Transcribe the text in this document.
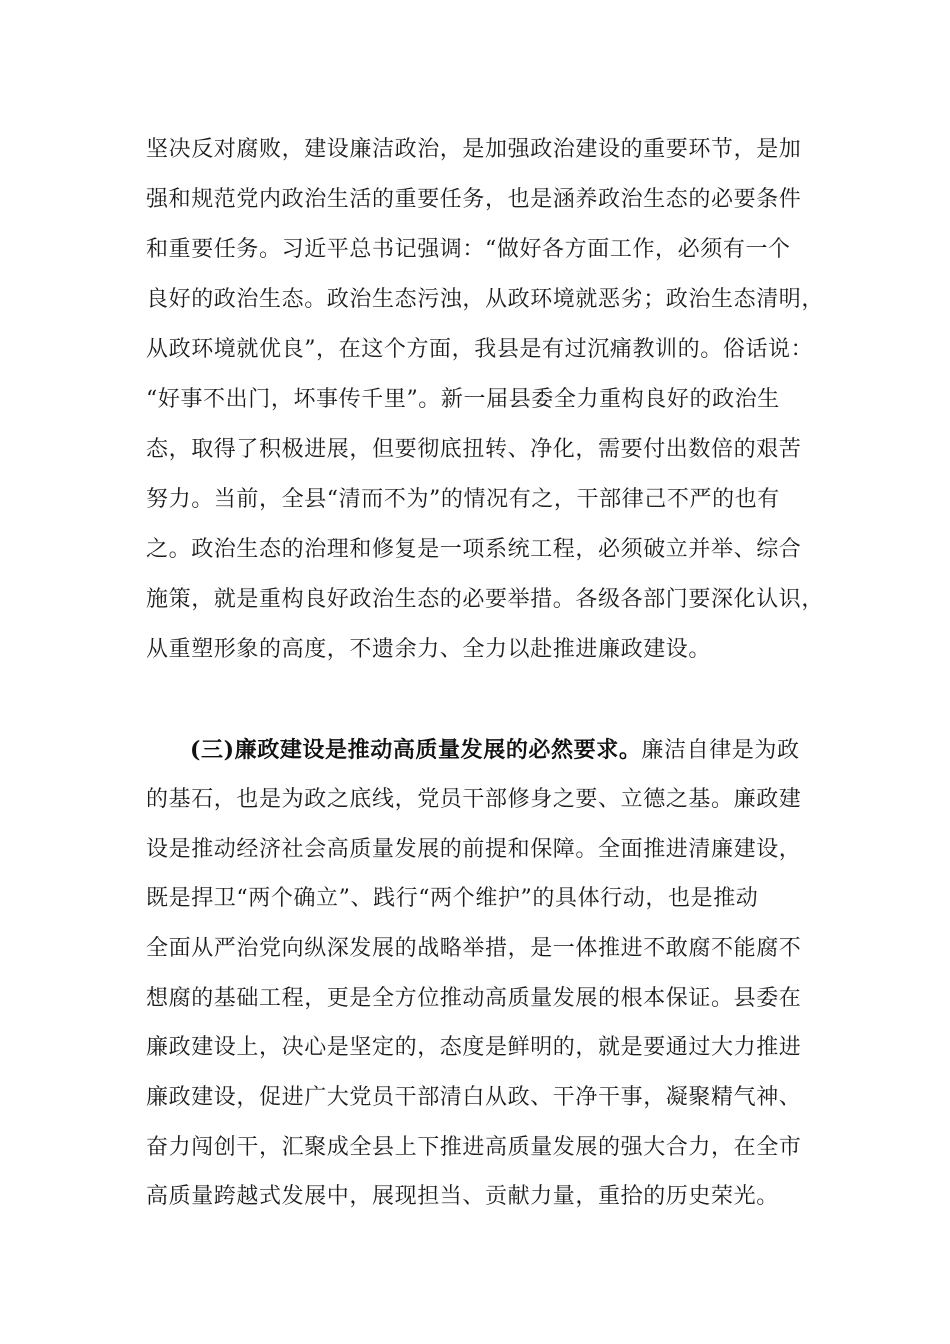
坚决反对腐败，建设廉洁政治，是加强政治建设的重要环节，是加
强和规范党内政治生活的重要任务，也是涵养政治生态的必要条件
和重要任务。习近平总书记强调：“做好各方面工作，必须有一个
良好的政治生态。政治生态污浊，从政环境就恶劣；政治生态清明，
从政环境就优良”，在这个方面，我县是有过沉痛教训的。俗话说：
“好事不出门，坏事传千里”。新一届县委全力重构良好的政治生
态，取得了积极进展，但要彻底扭转、净化，需要付出数倍的艰苦
努力。当前，全县“清而不为”的情况有之，干部律己不严的也有
之。政治生态的治理和修复是一项系统工程，必须破立并举、综合
施策，就是重构良好政治生态的必要举措。各级各部门要深化认识，
从重塑形象的高度，不遗余力、全力以赴推进廉政建设。
(三)廉政建设是推动高质量发展的必然要求。廉洁自律是为政
的基石，也是为政之底线，党员干部修身之要、立德之基。廉政建
设是推动经济社会高质量发展的前提和保障。全面推进清廉建设，
既是捍卫“两个确立”、践行“两个维护”的具体行动，也是推动
全面从严治党向纵深发展的战略举措，是一体推进不敢腐不能腐不
想腐的基础工程，更是全方位推动高质量发展的根本保证。县委在
廉政建设上，决心是坚定的，态度是鲜明的，就是要通过大力推进
廉政建设，促进广大党员干部清白从政、干净干事，凝聚精气神、
奋力闯创干，汇聚成全县上下推进高质量发展的强大合力，在全市
高质量跨越式发展中，展现担当、贡献力量，重拾的历史荣光。
